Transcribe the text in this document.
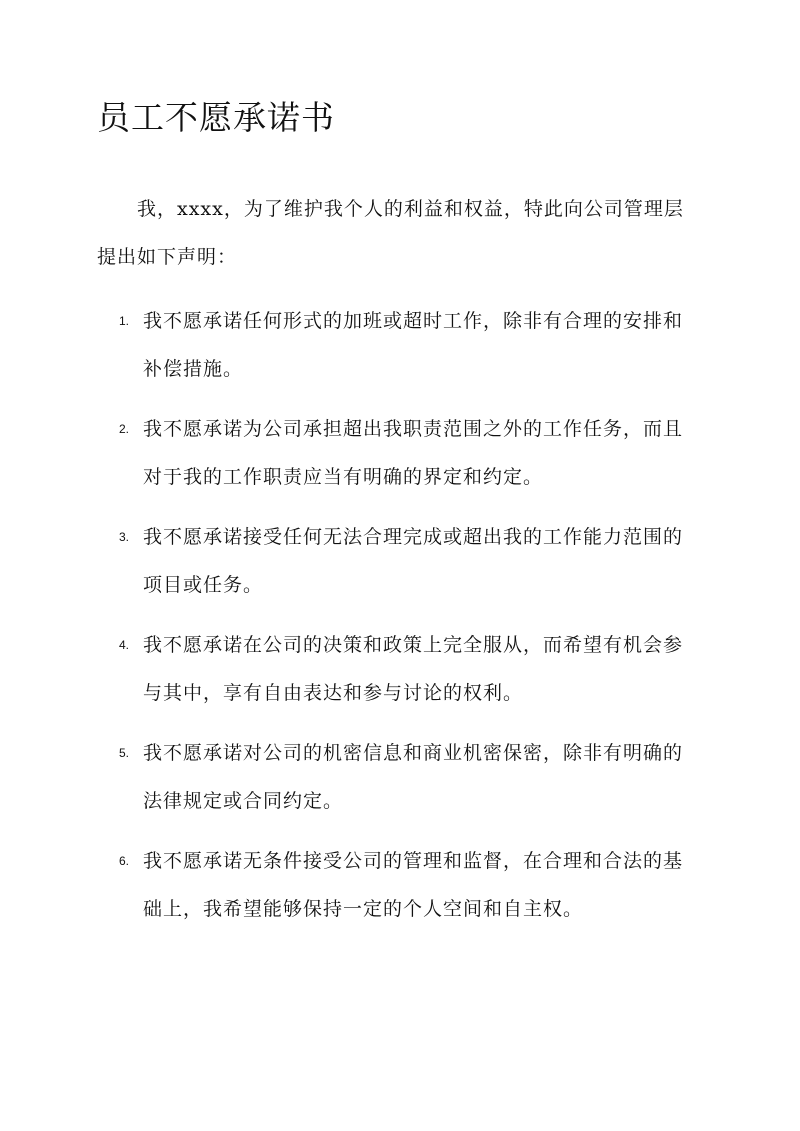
员工不愿承诺书

我，xxxx，为了维护我个人的利益和权益，特此向公司管理层提出如下声明：

1. 我不愿承诺任何形式的加班或超时工作，除非有合理的安排和补偿措施。

2. 我不愿承诺为公司承担超出我职责范围之外的工作任务，而且对于我的工作职责应当有明确的界定和约定。

3. 我不愿承诺接受任何无法合理完成或超出我的工作能力范围的项目或任务。

4. 我不愿承诺在公司的决策和政策上完全服从，而希望有机会参与其中，享有自由表达和参与讨论的权利。

5. 我不愿承诺对公司的机密信息和商业机密保密，除非有明确的法律规定或合同约定。

6. 我不愿承诺无条件接受公司的管理和监督，在合理和合法的基础上，我希望能够保持一定的个人空间和自主权。
